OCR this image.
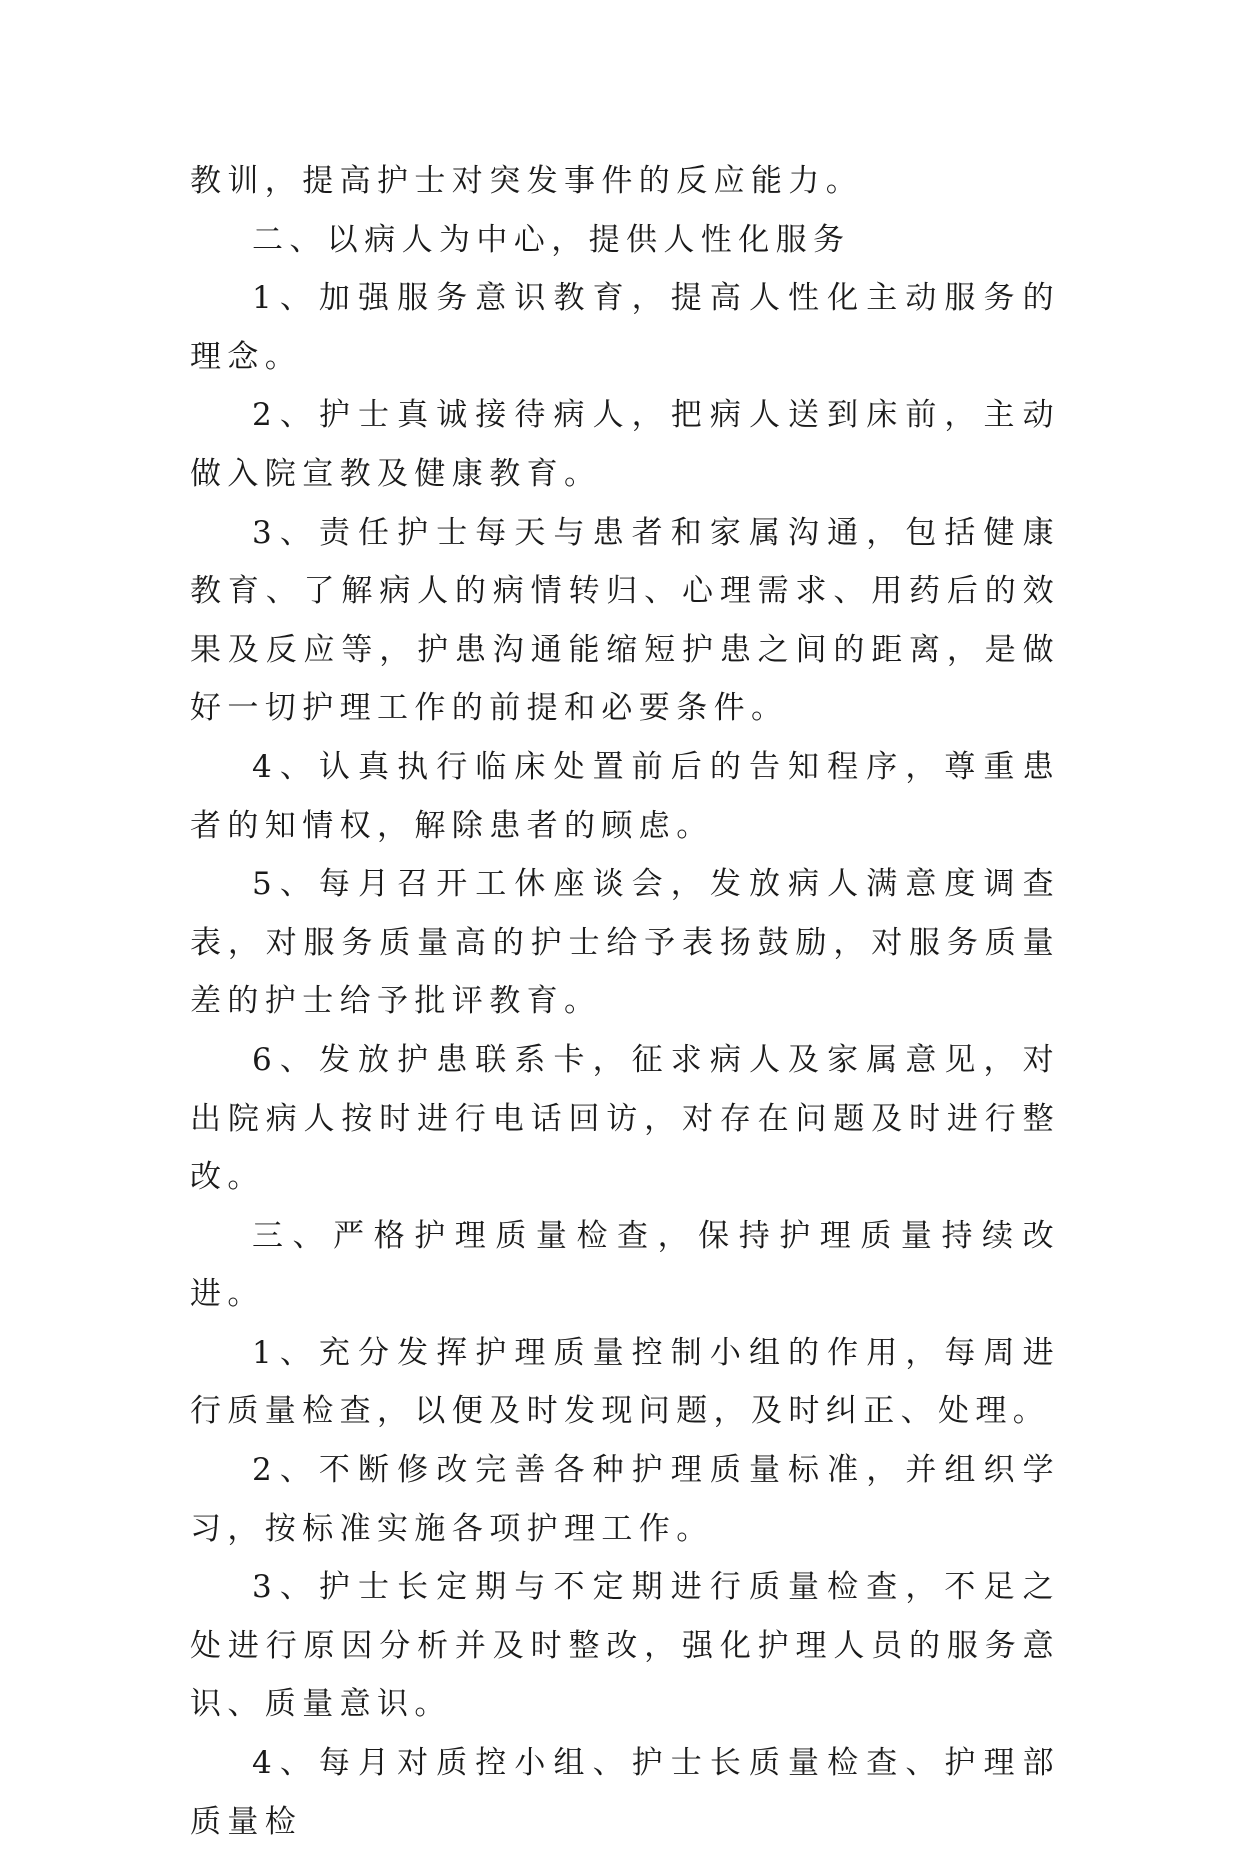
教训，提高护士对突发事件的反应能力。

二、以病人为中心，提供人性化服务

1、加强服务意识教育，提高人性化主动服务的理念。

2、护士真诚接待病人，把病人送到床前，主动做入院宣教及健康教育。

3、责任护士每天与患者和家属沟通，包括健康教育、了解病人的病情转归、心理需求、用药后的效果及反应等，护患沟通能缩短护患之间的距离，是做好一切护理工作的前提和必要条件。

4、认真执行临床处置前后的告知程序，尊重患者的知情权，解除患者的顾虑。

5、每月召开工休座谈会，发放病人满意度调查表，对服务质量高的护士给予表扬鼓励，对服务质量差的护士给予批评教育。

6、发放护患联系卡，征求病人及家属意见，对出院病人按时进行电话回访，对存在问题及时进行整改。

三、严格护理质量检查，保持护理质量持续改进。

1、充分发挥护理质量控制小组的作用，每周进行质量检查，以便及时发现问题，及时纠正、处理。

2、不断修改完善各种护理质量标准，并组织学习，按标准实施各项护理工作。

3、护士长定期与不定期进行质量检查，不足之处进行原因分析并及时整改，强化护理人员的服务意识、质量意识。

4、每月对质控小组、护士长质量检查、护理部质量检
